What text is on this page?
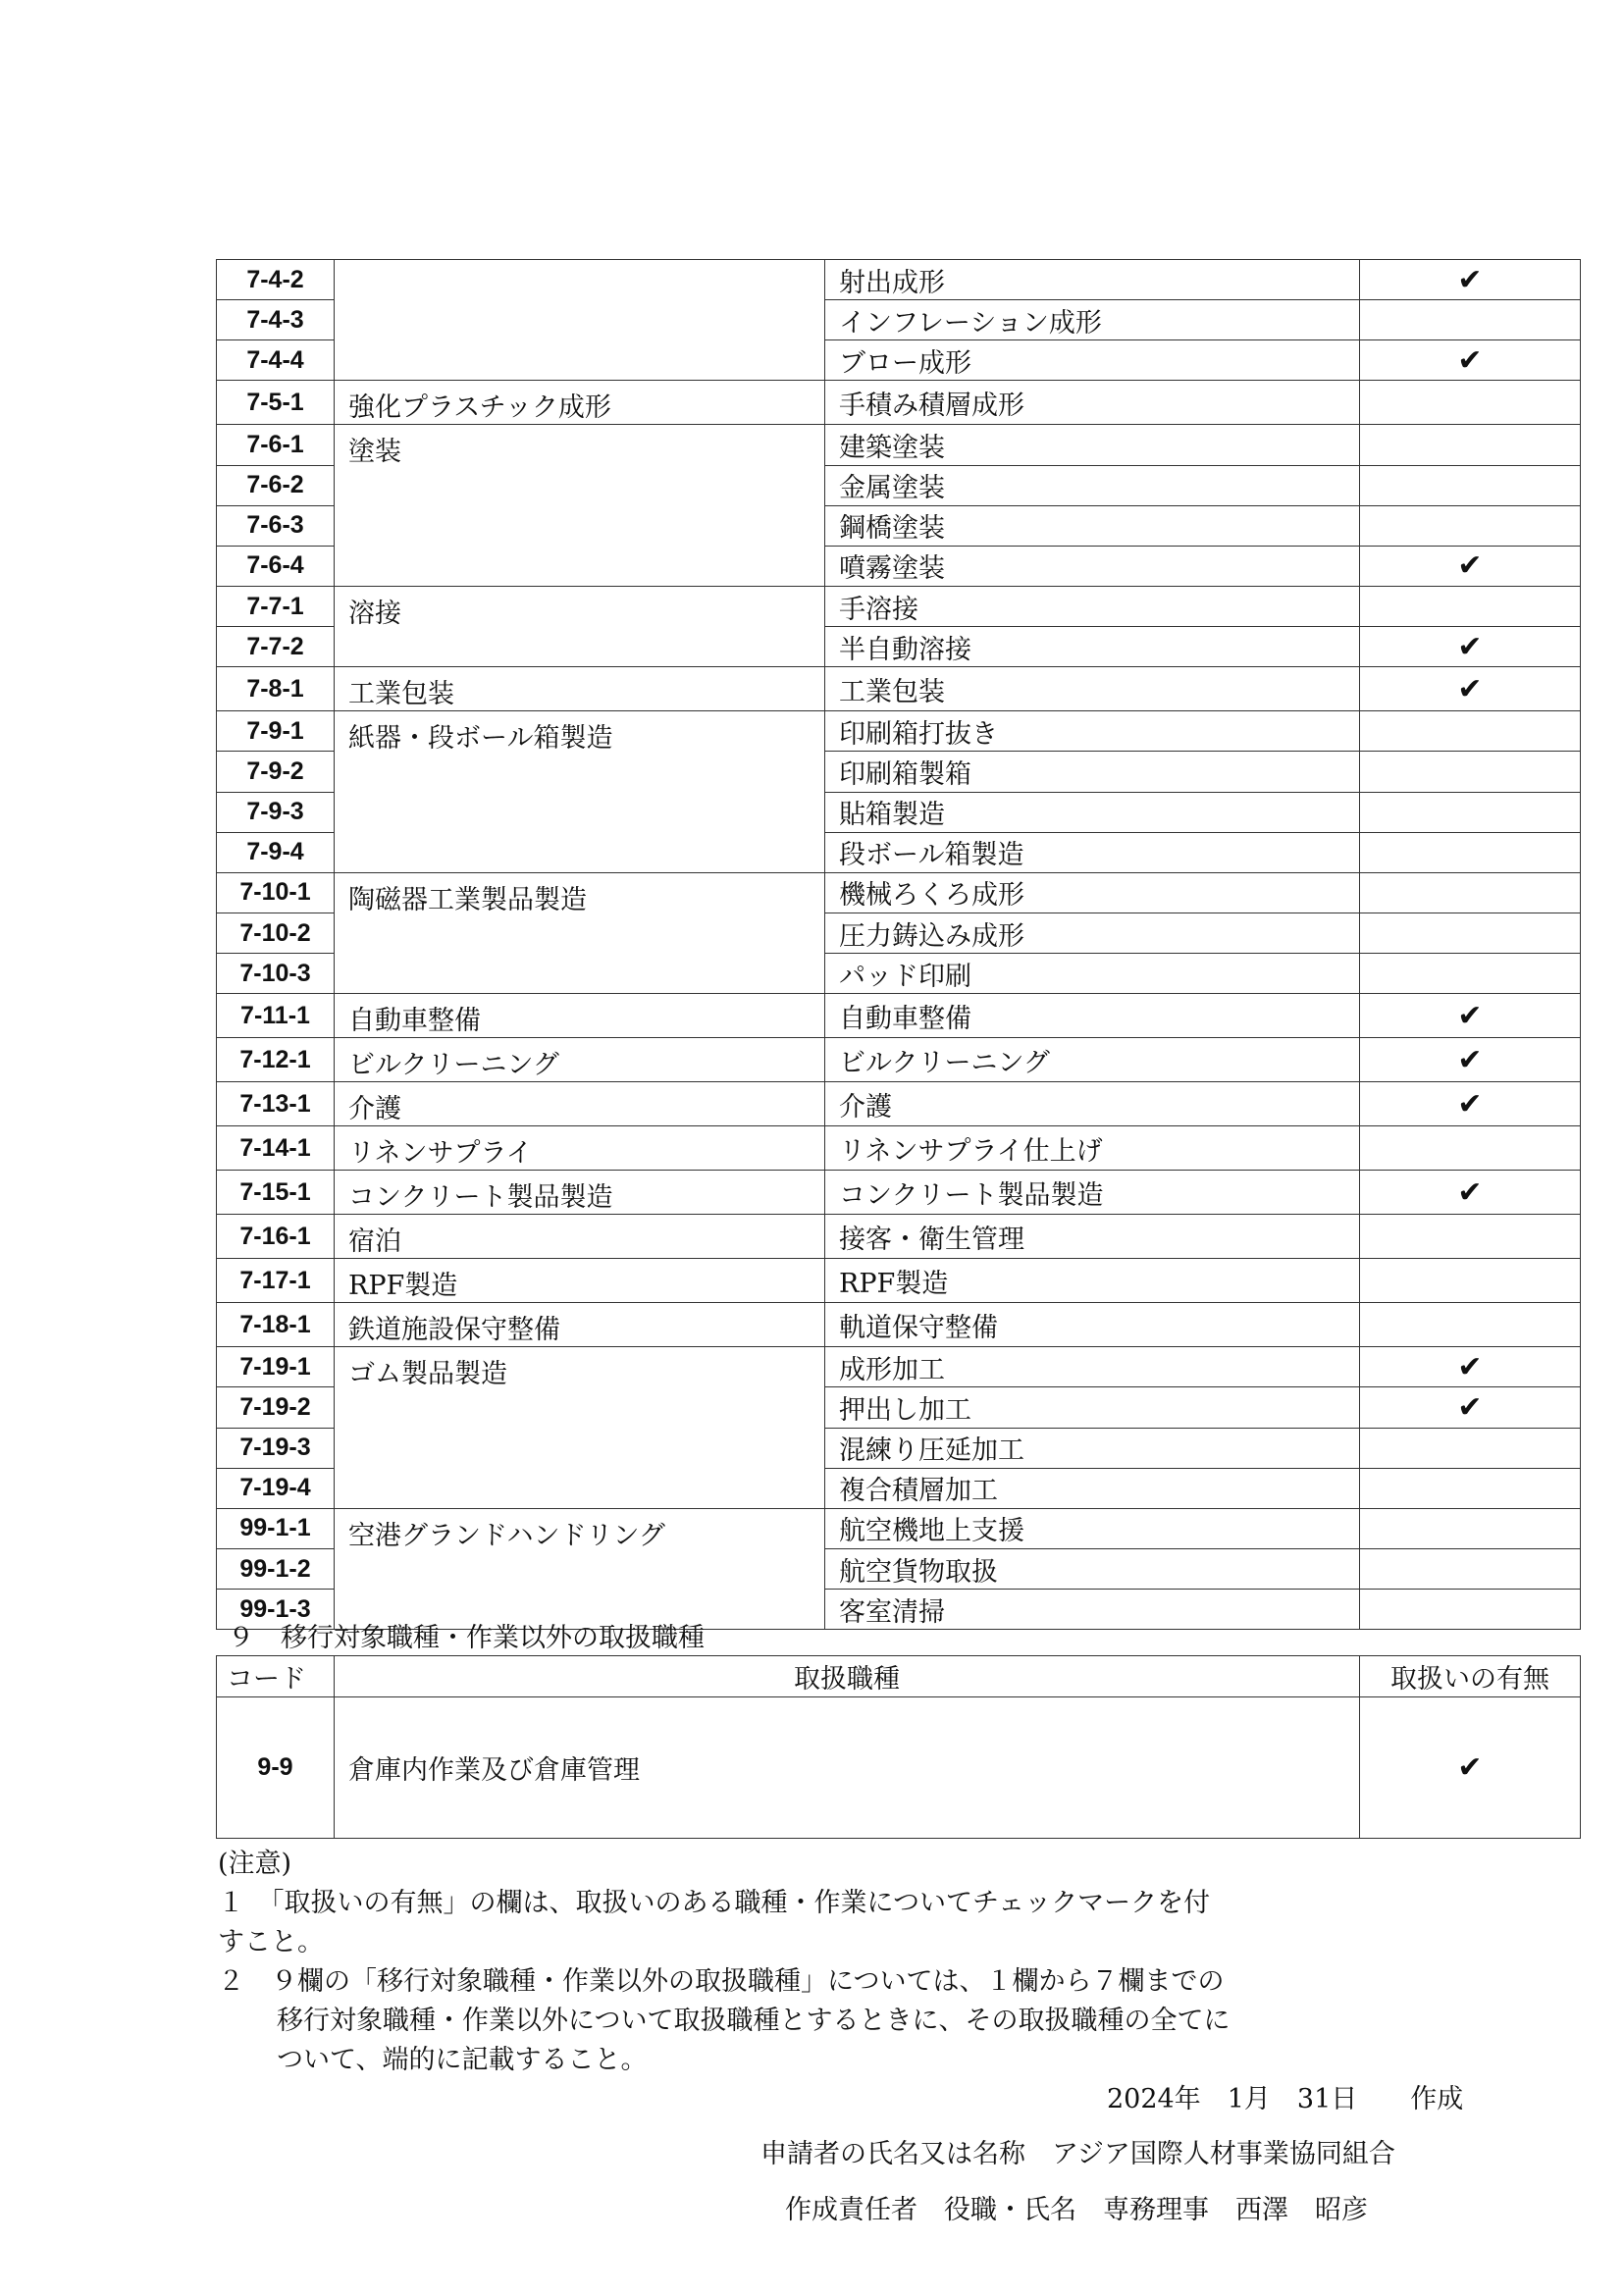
7-4-2		射出成形	✔
7-4-3		インフレーション成形	
7-4-4		ブロー成形	✔
7-5-1	強化プラスチック成形	手積み積層成形	
7-6-1	塗装	建築塗装	
7-6-2		金属塗装	
7-6-3		鋼橋塗装	
7-6-4		噴霧塗装	✔
7-7-1	溶接	手溶接	
7-7-2		半自動溶接	✔
7-8-1	工業包装	工業包装	✔
7-9-1	紙器・段ボール箱製造	印刷箱打抜き	
7-9-2		印刷箱製箱	
7-9-3		貼箱製造	
7-9-4		段ボール箱製造	
7-10-1	陶磁器工業製品製造	機械ろくろ成形	
7-10-2		圧力鋳込み成形	
7-10-3		パッド印刷	
7-11-1	自動車整備	自動車整備	✔
7-12-1	ビルクリーニング	ビルクリーニング	✔
7-13-1	介護	介護	✔
7-14-1	リネンサプライ	リネンサプライ仕上げ	
7-15-1	コンクリート製品製造	コンクリート製品製造	✔
7-16-1	宿泊	接客・衛生管理	
7-17-1	RPF製造	RPF製造	
7-18-1	鉄道施設保守整備	軌道保守整備	
7-19-1	ゴム製品製造	成形加工	✔
7-19-2		押出し加工	✔
7-19-3		混練り圧延加工	
7-19-4		複合積層加工	
99-1-1	空港グランドハンドリング	航空機地上支援	
99-1-2		航空貨物取扱	
99-1-3		客室清掃	
９　移行対象職種・作業以外の取扱職種
コード	取扱職種	取扱いの有無
9-9	倉庫内作業及び倉庫管理	✔
(注意)
１　「取扱いの有無」の欄は、取扱いのある職種・作業についてチェックマークを付
すこと。
２　９欄の「移行対象職種・作業以外の取扱職種」については、１欄から７欄までの
移行対象職種・作業以外について取扱職種とするときに、その取扱職種の全てに
ついて、端的に記載すること。
2024年　1月　31日　　作成
申請者の氏名又は名称　アジア国際人材事業協同組合
作成責任者　役職・氏名　専務理事　西澤　昭彦
